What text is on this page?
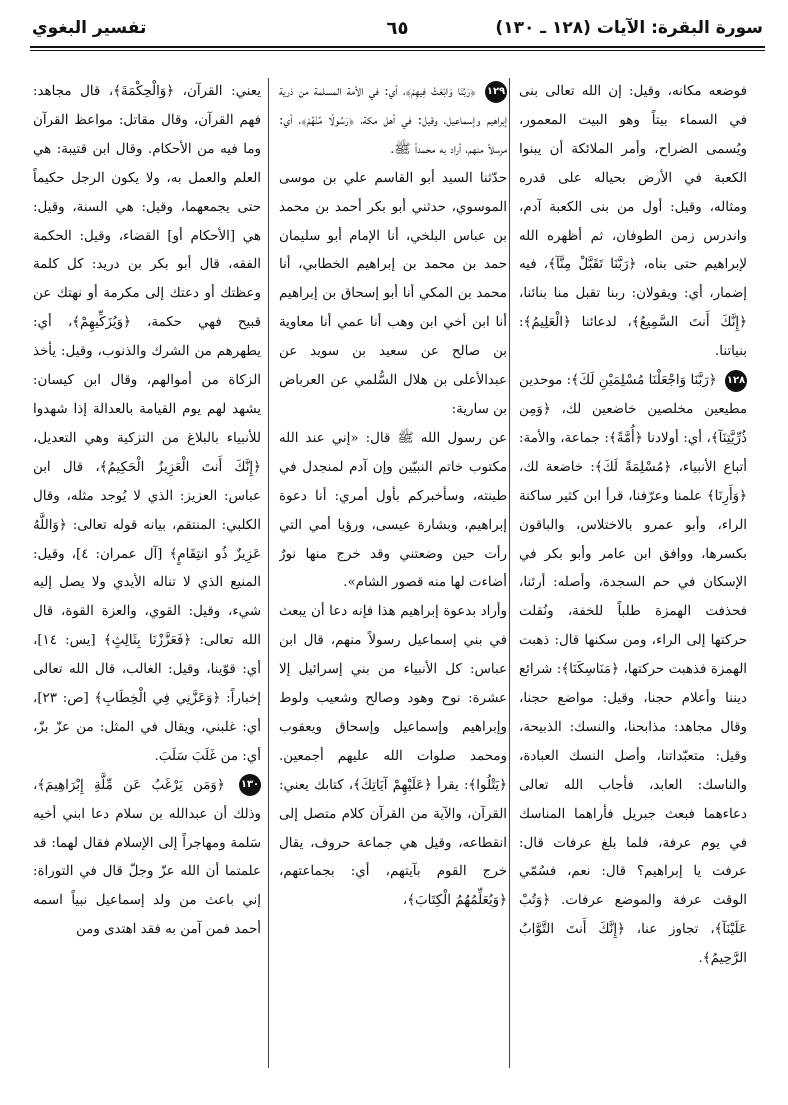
سورة البقرة: الآيات (١٢٨ ـ ١٣٠)
٦٥
تفسير البغوي
فوضعه مكانه، وقيل: إن الله تعالى بنى في السماء بيتاً وهو البيت المعمور، ويُسمى الضراح، وأمر الملائكة أن يبنوا الكعبة في الأرض بحياله على قدره ومثاله، وقيل: أول من بنى الكعبة آدم، واندرس زمن الطوفان، ثم أظهره الله لإبراهيم حتى بناه، ﴿رَبَّنَا تَقَبَّلْ مِنَّآ﴾، فيه إضمار، أي: ويقولان: ربنا تقبل منا بنائنا، ﴿إِنَّكَ أَنتَ السَّمِيعُ﴾، لدعائنا ﴿الْعَلِيمُ﴾: بنياتنا.
١٢٨ ﴿رَبَّنَا وَاجْعَلْنَا مُسْلِمَيْنِ لَكَ﴾: موحدين مطيعين مخلصين خاضعين لك، ﴿وَمِن ذُرِّيَّتِنَآ﴾، أي: أولادنا ﴿أُمَّةً﴾: جماعة، والأمة: أتباع الأنبياء، ﴿مُسْلِمَةً لَكَ﴾: خاضعة لك، ﴿وَأَرِنَا﴾ علمنا وعرّفنا، قرأ ابن كثير ساكنة الراء، وأبو عمرو بالاختلاس، والباقون بكسرها، ووافق ابن عامر وأبو بكر في الإسكان في حم السجدة، وأصله: أرئنا، فحذفت الهمزة طلباً للخفة، ونُقلت حركتها إلى الراء، ومن سكنها قال: ذهبت الهمزة فذهبت حركتها، ﴿مَنَاسِكَنَا﴾: شرائع ديننا وأعلام حجنا، وقيل: مواضع حجنا، وقال مجاهد: مذابحنا، والنسك: الذبيحة، وقيل: متعبّداتنا، وأصل النسك العبادة، والناسك: العابد، فأجاب الله تعالى دعاءهما فبعث جبريل فأراهما المناسك في يوم عرفة، فلما بلغ عرفات قال: عرفت يا إبراهيم؟ قال: نعم، فسُمّي الوقت عرفة والموضع عرفات. ﴿وَتُبْ عَلَيْنَآ﴾، تجاوز عنا، ﴿إِنَّكَ أَنتَ التَّوَّابُ الرَّحِيمُ﴾.
١٢٩ ﴿رَبَّنَا وَابْعَثْ فِيهِمْ﴾، أي: في الأمة المسلمة من ذرية إبراهيم وإسماعيل، وقيل: في أهل مكة، ﴿رَسُولًا مِّنْهُمْ﴾، أي: مرسلاً منهم، أراد به محمداً ﷺ.
حدّثنا السيد أبو القاسم علي بن موسى الموسوي، حدثني أبو بكر أحمد بن محمد بن عباس البلخي، أنا الإمام أبو سليمان حمد بن محمد بن إبراهيم الخطابي، أنا محمد بن المكي أنا أبو إسحاق بن إبراهيم أنا ابن أخي ابن وهب أنا عمي أنا معاوية بن صالح عن سعيد بن سويد عن عبدالأعلى بن هلال السُّلمي عن العرباض بن سارية:
عن رسول الله ﷺ قال: «إني عند الله مكتوب خاتم النبيّين وإن آدم لمنجدل في طينته، وسأخبركم بأول أمري: أنا دعوة إبراهيم، وبشارة عيسى، ورؤيا أمي التي رأت حين وضعتني وقد خرج منها نورٌ أضاءت لها منه قصور الشام».
وأراد بدعوة إبراهيم هذا فإنه دعا أن يبعث في بني إسماعيل رسولاً منهم، قال ابن عباس: كل الأنبياء من بني إسرائيل إلا عشرة: نوح وهود وصالح وشعيب ولوط وإبراهيم وإسماعيل وإسحاق ويعقوب ومحمد صلوات الله عليهم أجمعين. ﴿يَتْلُوا﴾: يقرأ ﴿عَلَيْهِمْ آيَاتِكَ﴾، كتابك يعني: القرآن، والآية من القرآن كلام متصل إلى انقطاعه، وقيل هي جماعة حروف، يقال خرج القوم بآيتهم، أي: بجماعتهم، ﴿وَيُعَلِّمُهُمُ الْكِتَابَ﴾،
يعني: القرآن، ﴿وَالْحِكْمَةَ﴾، قال مجاهد: فهم القرآن، وقال مقاتل: مواعظ القرآن وما فيه من الأحكام. وقال ابن قتيبة: هي العلم والعمل به، ولا يكون الرجل حكيماً حتى يجمعهما، وقيل: هي السنة، وقيل: هي [الأحكام أو] القضاء، وقيل: الحكمة الفقه، قال أبو بكر بن دريد: كل كلمة وعظتك أو دعتك إلى مكرمة أو نهتك عن قبيح فهي حكمة، ﴿وَيُزَكِّيهِمْ﴾، أي: يطهرهم من الشرك والذنوب، وقيل: يأخذ الزكاة من أموالهم، وقال ابن كيسان: يشهد لهم يوم القيامة بالعدالة إذا شهدوا للأنبياء بالبلاغ من التزكية وهي التعديل، ﴿إِنَّكَ أَنتَ الْعَزِيزُ الْحَكِيمُ﴾، قال ابن عباس: العزيز: الذي لا يُوجد مثله، وقال الكلبي: المنتقم، بيانه قوله تعالى: ﴿وَاللَّهُ عَزِيزٌ ذُو انتِقَامٍ﴾ [آل عمران: ٤]، وقيل: المنيع الذي لا تناله الأيدي ولا يصل إليه شيء، وقيل: القوي، والعزة القوة، قال الله تعالى: ﴿فَعَزَّزْنَا بِثَالِثٍ﴾ [يس: ١٤]، أي: قوّينا، وقيل: الغالب، قال الله تعالى إخباراً: ﴿وَعَزَّنِي فِي الْخِطَابِ﴾ [ص: ٢٣]، أي: غلبني، ويقال في المثل: من عزّ بزّ، أي: من غَلَبَ سَلَبَ.
١٣٠ ﴿وَمَن يَرْغَبُ عَن مِّلَّةِ إِبْرَاهِيمَ﴾، وذلك أن عبدالله بن سلام دعا ابني أخيه سَلمة ومهاجراً إلى الإسلام فقال لهما: قد علمتما أن الله عزّ وجلّ قال في التوراة: إني باعث من ولد إسماعيل نبياً اسمه أحمد فمن آمن به فقد اهتدى ومن
